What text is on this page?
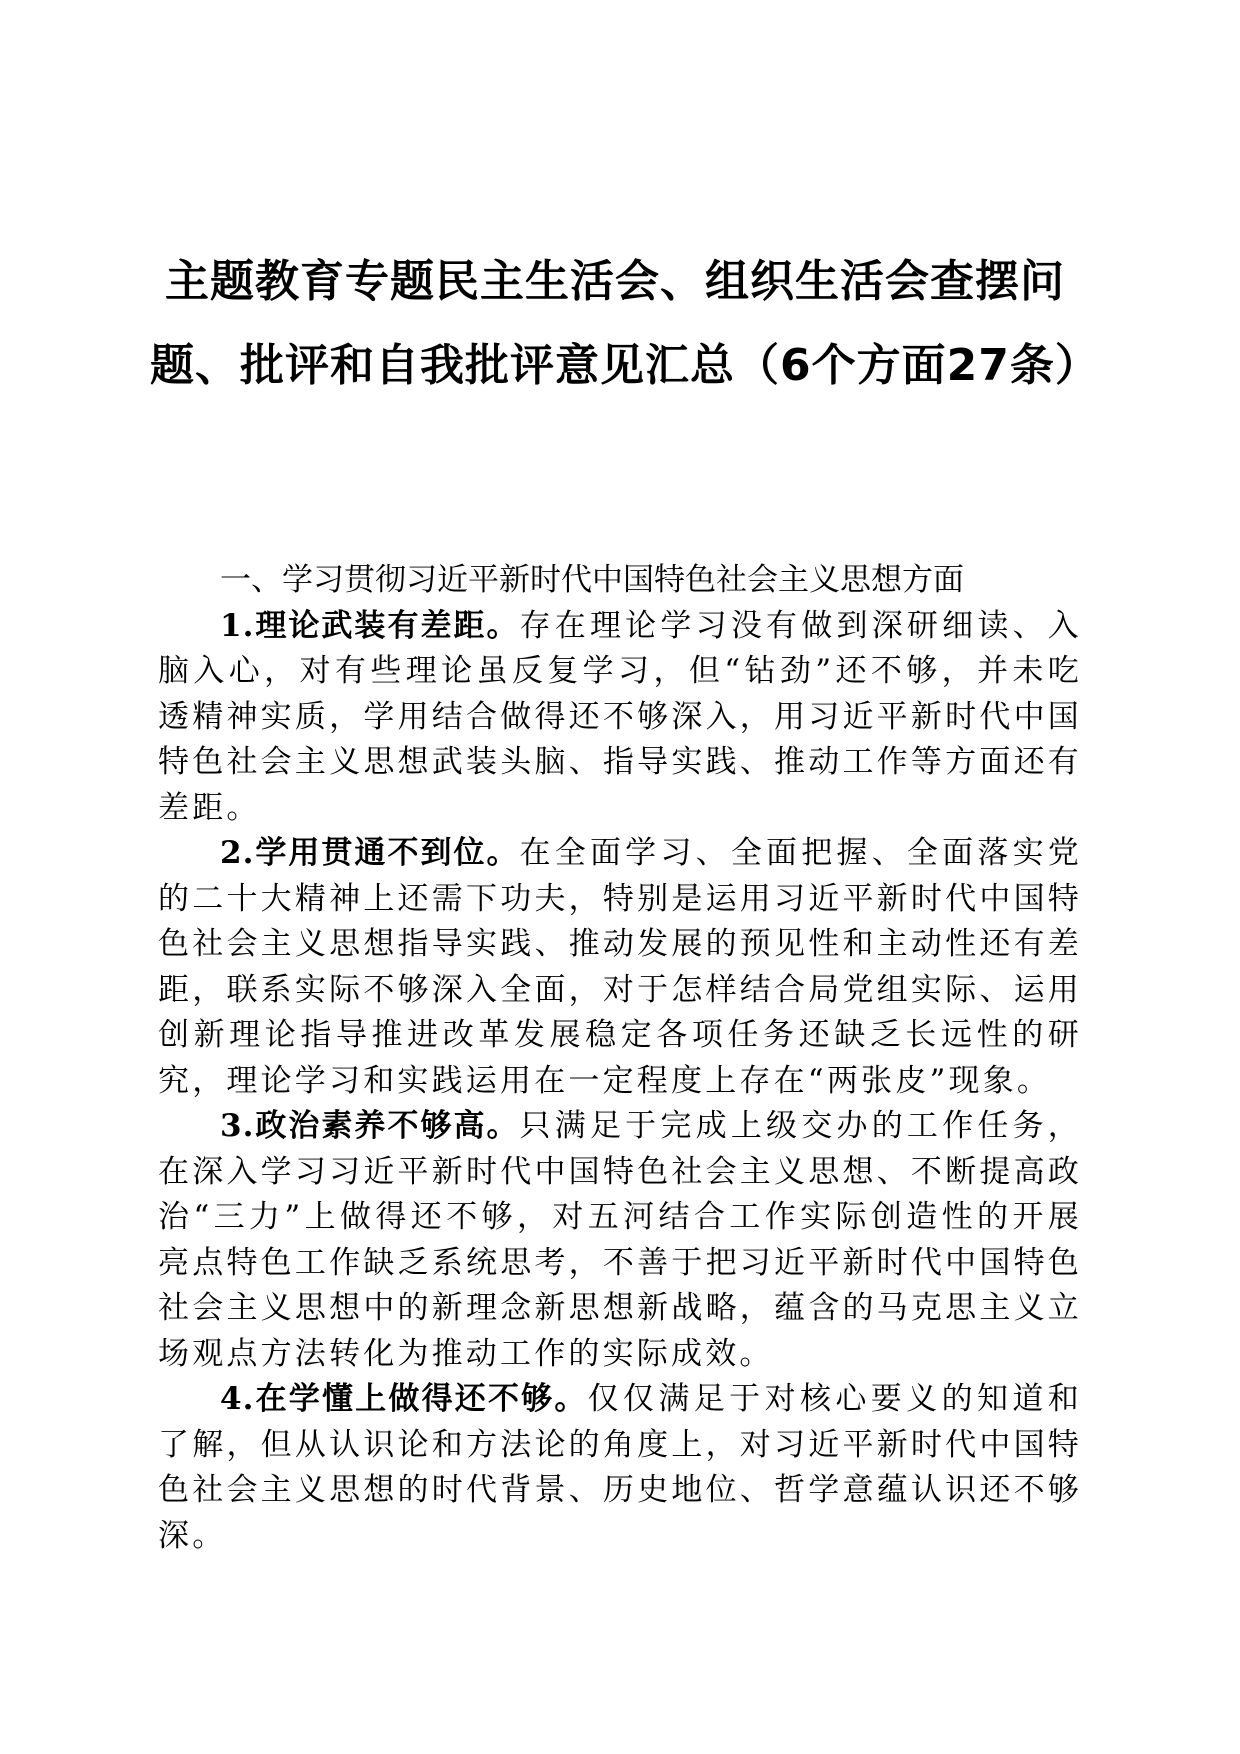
主题教育专题民主生活会、组织生活会查摆问题、批评和自我批评意见汇总（6个方面27条）
一、学习贯彻习近平新时代中国特色社会主义思想方面

1.理论武装有差距。存在理论学习没有做到深研细读、入脑入心，对有些理论虽反复学习，但“钻劲”还不够，并未吃透精神实质，学用结合做得还不够深入，用习近平新时代中国特色社会主义思想武装头脑、指导实践、推动工作等方面还有差距。

2.学用贯通不到位。在全面学习、全面把握、全面落实党的二十大精神上还需下功夫，特别是运用习近平新时代中国特色社会主义思想指导实践、推动发展的预见性和主动性还有差距，联系实际不够深入全面，对于怎样结合局党组实际、运用创新理论指导推进改革发展稳定各项任务还缺乏长远性的研究，理论学习和实践运用在一定程度上存在“两张皮”现象。

3.政治素养不够高。只满足于完成上级交办的工作任务，在深入学习习近平新时代中国特色社会主义思想、不断提高政治“三力”上做得还不够，对五河结合工作实际创造性的开展亮点特色工作缺乏系统思考，不善于把习近平新时代中国特色社会主义思想中的新理念新思想新战略，蕴含的马克思主义立场观点方法转化为推动工作的实际成效。

4.在学懂上做得还不够。仅仅满足于对核心要义的知道和了解，但从认识论和方法论的角度上，对习近平新时代中国特色社会主义思想的时代背景、历史地位、哲学意蕴认识还不够深。
